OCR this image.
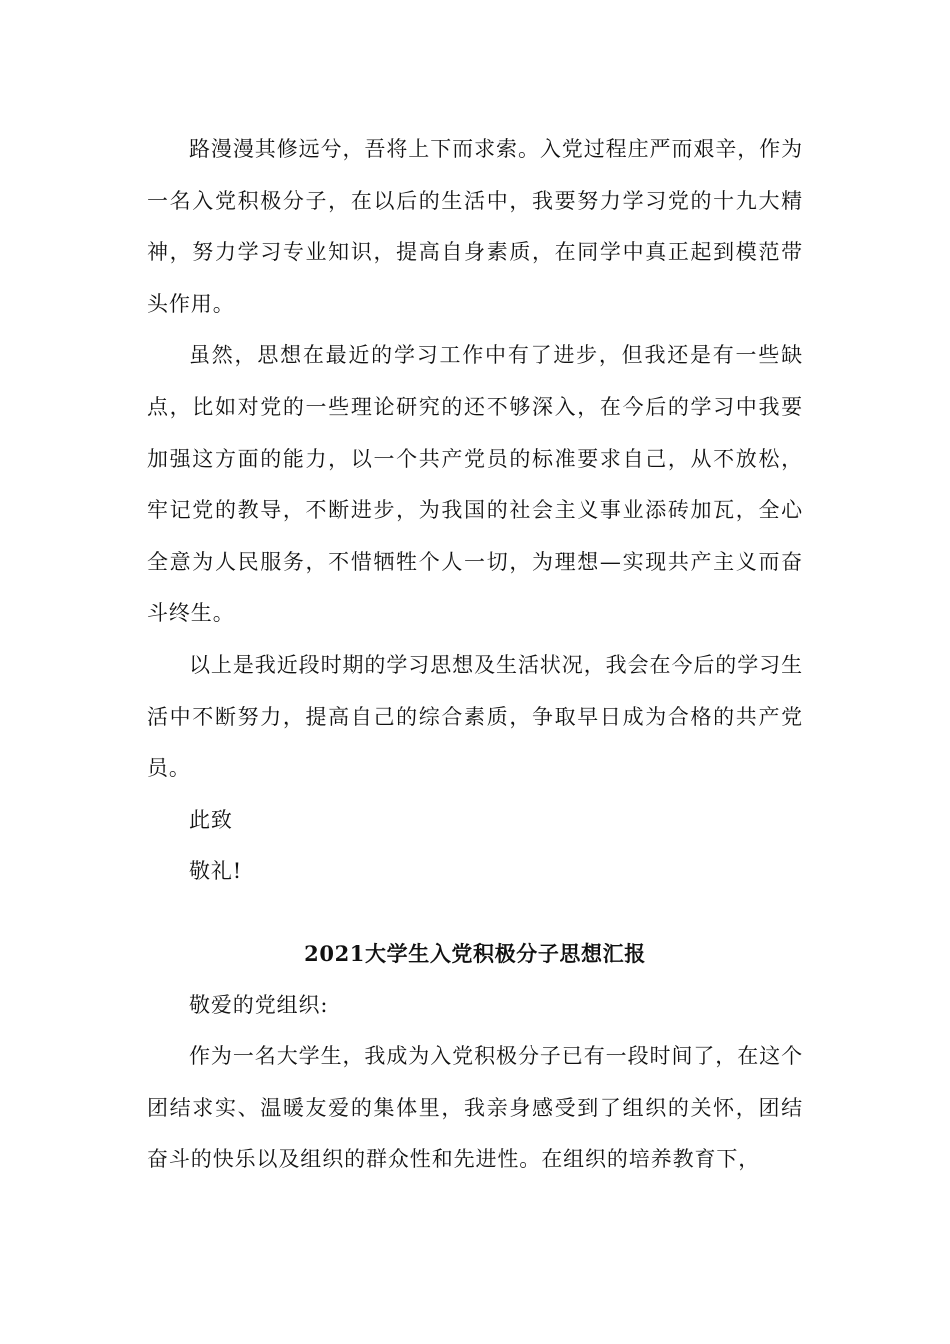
路漫漫其修远兮，吾将上下而求索。入党过程庄严而艰辛，作为一名入党积极分子，在以后的生活中，我要努力学习党的十九大精神，努力学习专业知识，提高自身素质，在同学中真正起到模范带头作用。

虽然，思想在最近的学习工作中有了进步，但我还是有一些缺点，比如对党的一些理论研究的还不够深入，在今后的学习中我要加强这方面的能力，以一个共产党员的标准要求自己，从不放松，牢记党的教导，不断进步，为我国的社会主义事业添砖加瓦，全心全意为人民服务，不惜牺牲个人一切，为理想—实现共产主义而奋斗终生。

以上是我近段时期的学习思想及生活状况，我会在今后的学习生活中不断努力，提高自己的综合素质，争取早日成为合格的共产党员。

此致

敬礼!

2021大学生入党积极分子思想汇报

敬爱的党组织:

作为一名大学生，我成为入党积极分子已有一段时间了，在这个团结求实、温暖友爱的集体里，我亲身感受到了组织的关怀，团结奋斗的快乐以及组织的群众性和先进性。在组织的培养教育下，
